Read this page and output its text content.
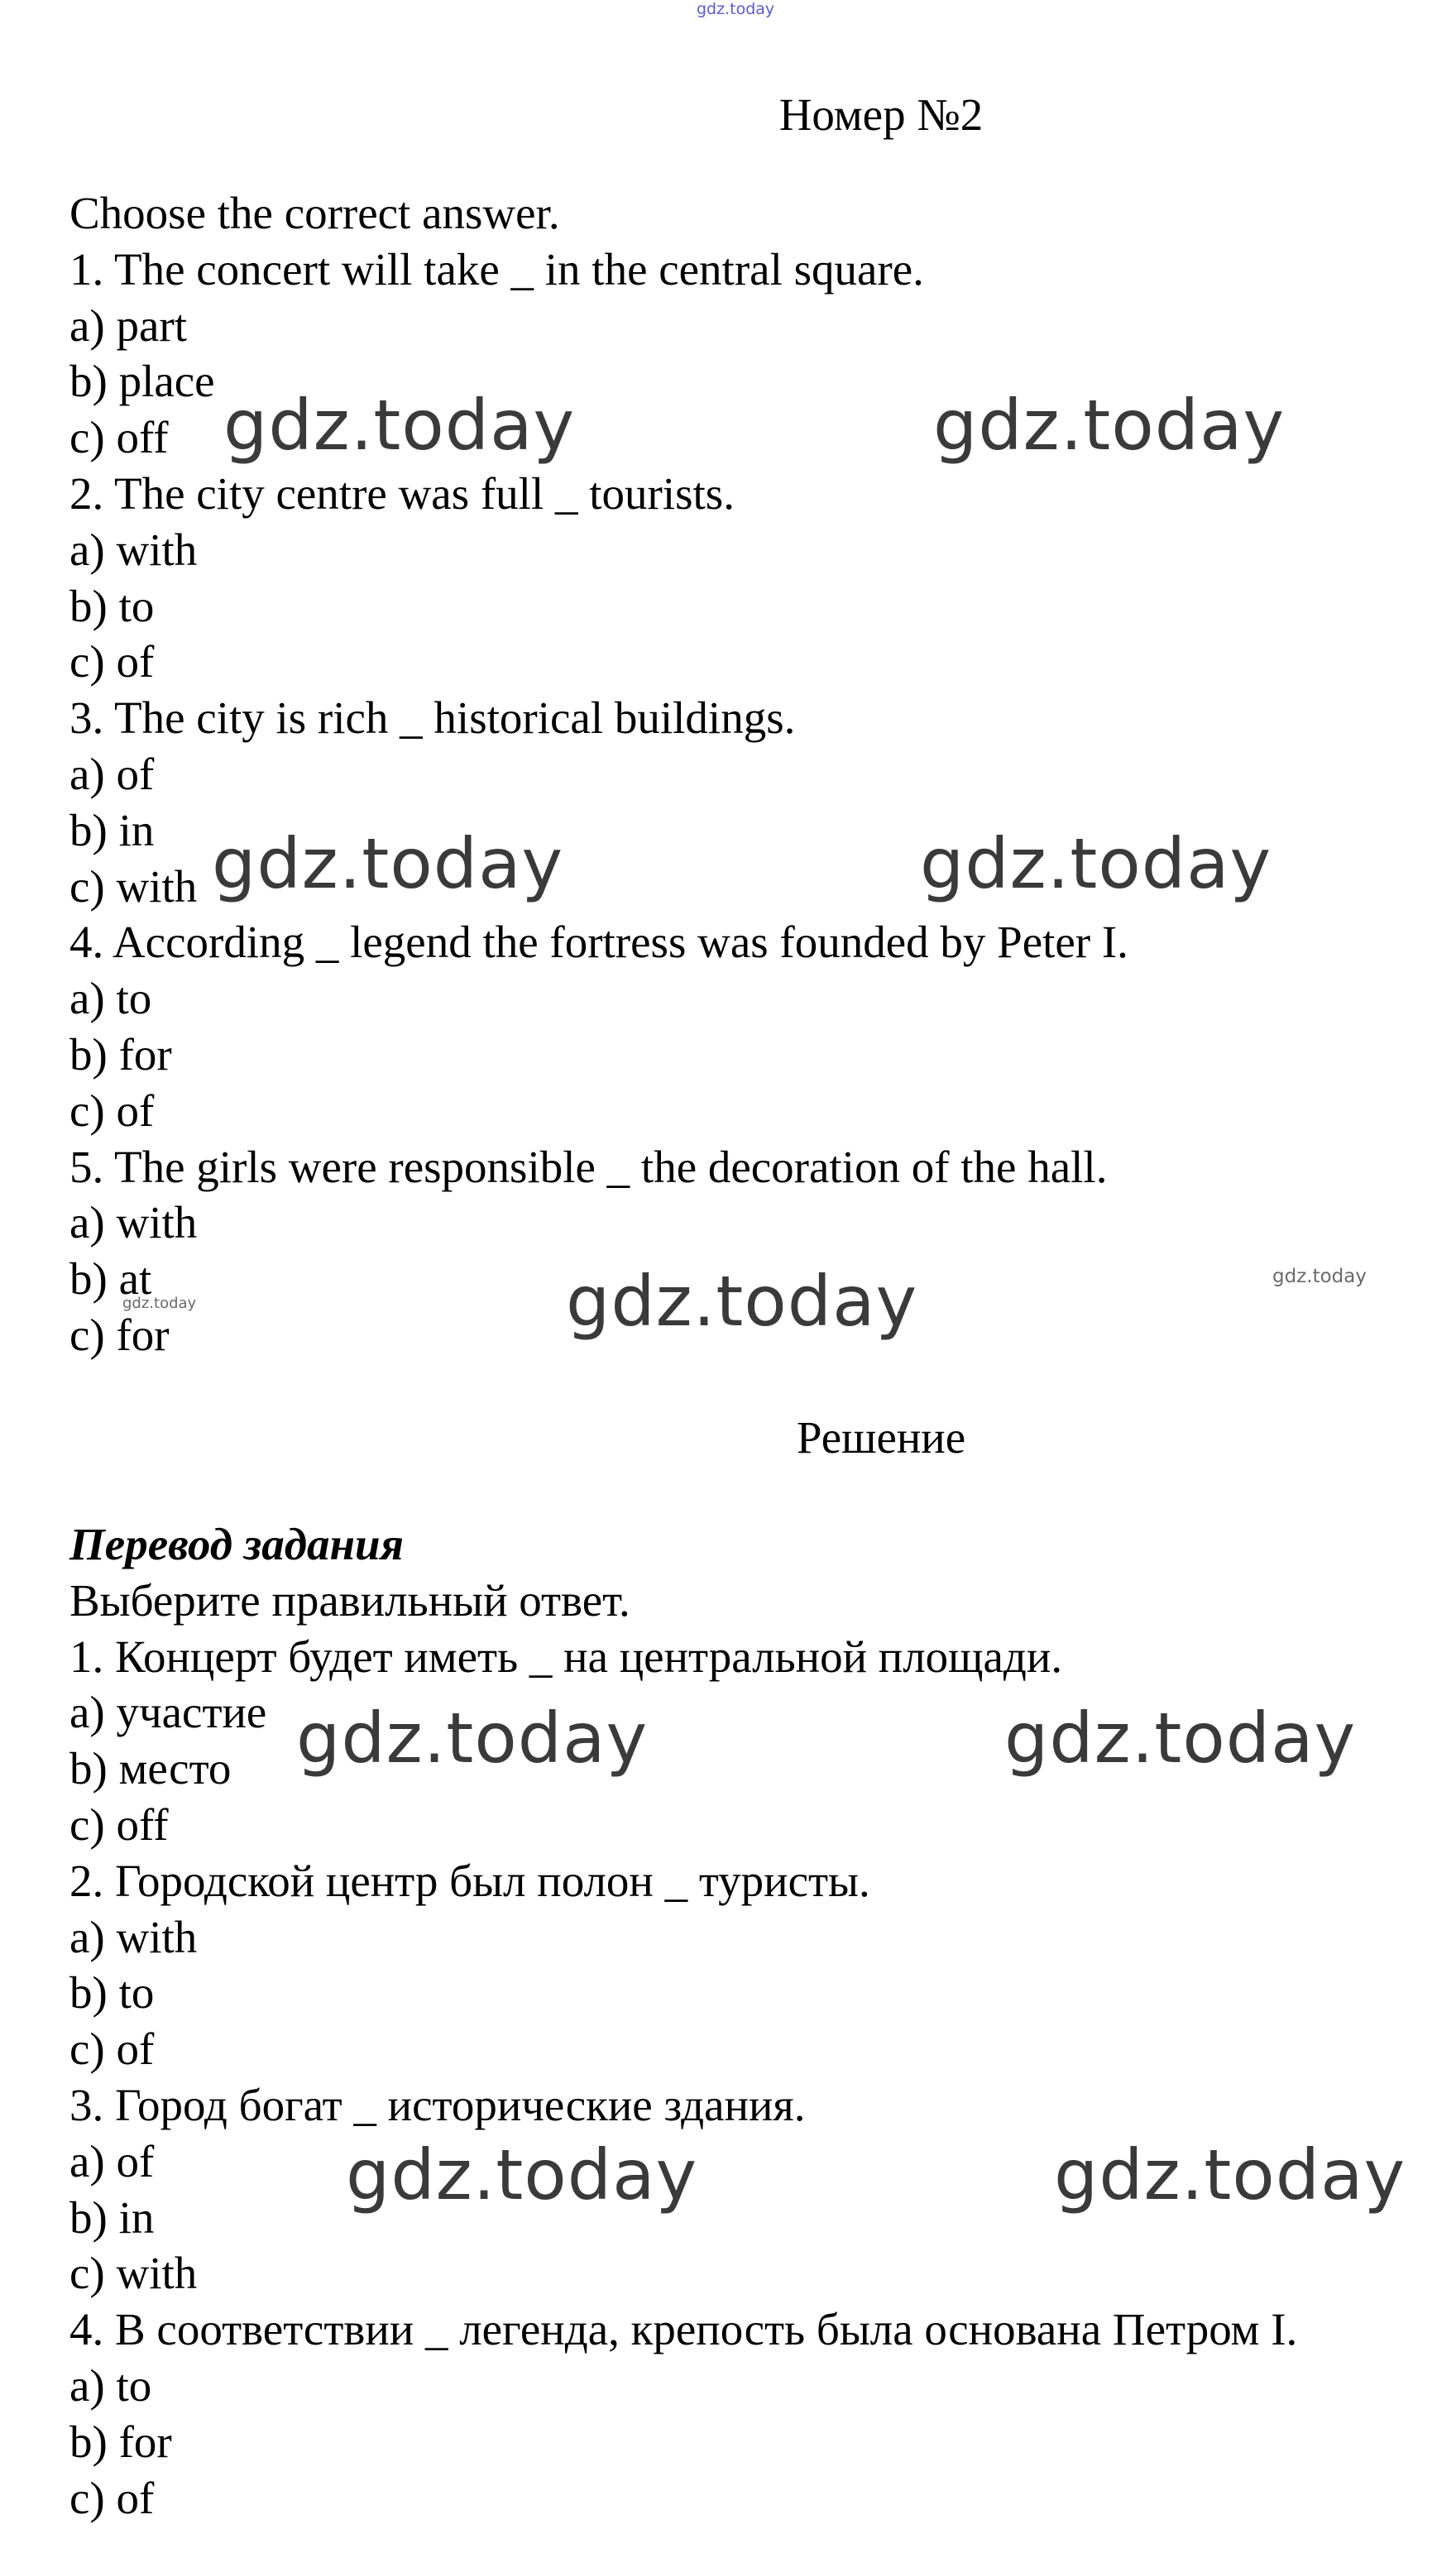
gdz.today
Номер №2
Choose the correct answer.
1. The concert will take _ in the central square.
a) part
b) place
c) off
2. The city centre was full _ tourists.
a) with
b) to
c) of
3. The city is rich _ historical buildings.
a) of
b) in
c) with
4. According _ legend the fortress was founded by Peter I.
a) to
b) for
c) of
5. The girls were responsible _ the decoration of the hall.
a) with
b) at
c) for
Решение
Перевод задания
Выберите правильный ответ.
1. Концерт будет иметь _ на центральной площади.
a) участие
b) место
c) off
2. Городской центр был полон _ туристы.
a) with
b) to
c) of
3. Город богат _ исторические здания.
a) of
b) in
c) with
4. В соответствии _ легенда, крепость была основана Петром I.
a) to
b) for
c) of
gdz.today	gdz.today
gdz.today	gdz.today
gdz.today	gdz.today
gdz.today
gdz.today	gdz.today
gdz.today	gdz.today
